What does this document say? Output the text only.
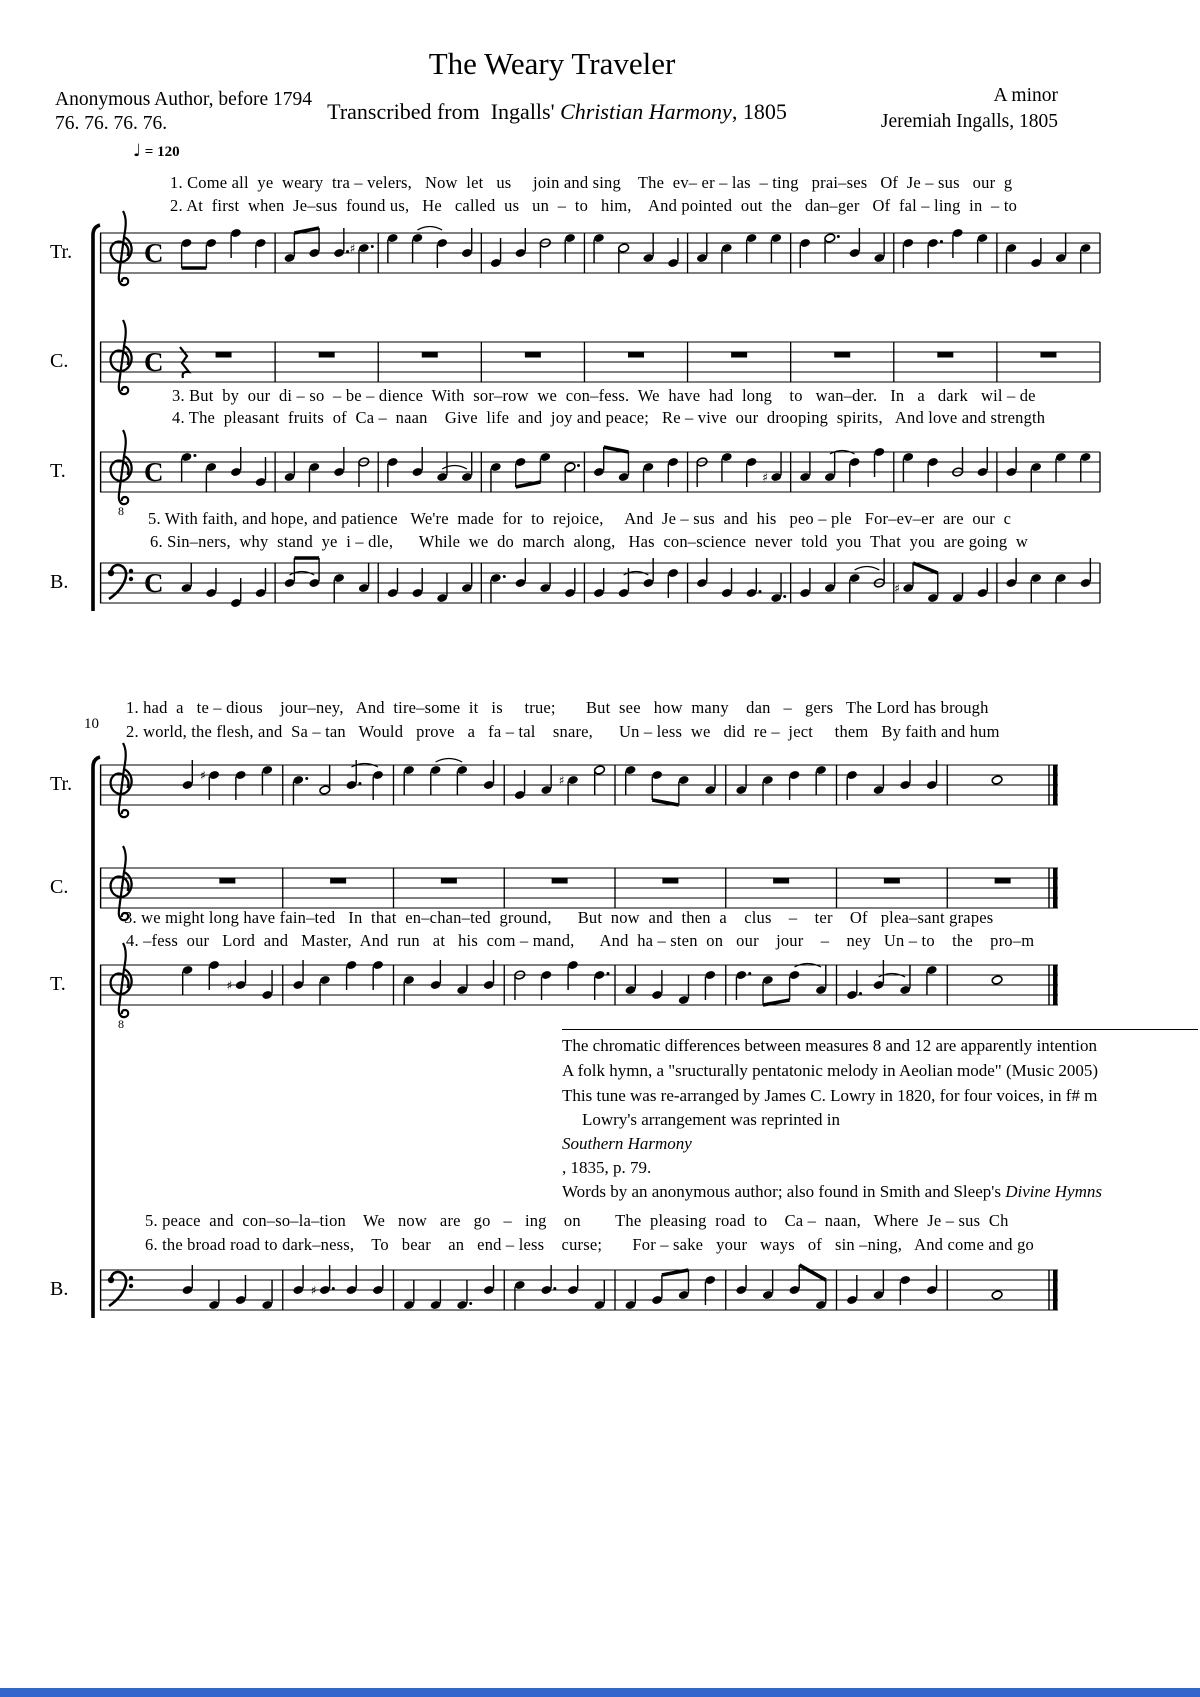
The Weary Traveler
Anonymous Author, before 1794
76. 76. 76. 76.	Transcribed from  Ingalls' Christian Harmony, 1805
A minor
Jeremiah Ingalls, 1805
♩ = 120
1. Come all  ye  weary  tra – velers,   Now  let   us     join and sing    The  ev– er – las  – ting   prai–ses   Of  Je – sus   our  g
2. At  first  when  Je–sus  found us,   He   called  us   un  –  to   him,    And pointed  out  the   dan–ger   Of  fal – ling  in  – to
3. But  by  our  di – so  – be – dience  With  sor–row  we  con–fess.  We  have  had  long    to   wan–der.   In   a   dark   wil – de
4. The  pleasant  fruits  of  Ca –  naan    Give  life  and  joy and peace;   Re – vive  our  drooping  spirits,   And love and strength
5. With faith, and hope, and patience   We're  made  for  to  rejoice,     And  Je – sus  and  his   peo – ple   For–ev–er  are  our  c
6. Sin–ners,  why  stand  ye  i – dle,      While  we  do  march  along,   Has  con–science  never  told  you  That  you  are going  w
10
1. had  a   te – dious    jour–ney,   And  tire–some  it   is     true;       But  see   how  many    dan   –   gers   The Lord has brough
2. world, the flesh, and  Sa – tan   Would   prove   a   fa – tal    snare,      Un – less  we   did  re –  ject     them   By faith and hum
3. we might long have fain–ted   In  that  en–chan–ted  ground,      But  now  and  then  a    clus    –    ter    Of   plea–sant grapes
4. –fess  our   Lord  and   Master,  And  run   at   his  com – mand,      And  ha – sten  on   our    jour    –    ney   Un – to    the    pro–m
5. peace  and  con–so–la–tion    We   now   are   go   –   ing    on        The  pleasing  road  to    Ca –  naan,   Where  Je – sus  Ch
6. the broad road to dark–ness,    To   bear    an   end – less    curse;       For – sake   your   ways   of   sin –ning,   And come and go
The chromatic differences between measures 8 and 12 are apparently intention
A folk hymn, a "sructurally pentatonic melody in Aeolian mode" (Music 2005)
This tune was re-arranged by James C. Lowry in 1820, for four voices, in f# m
Lowry's arrangement was reprinted in
Southern Harmony
, 1835, p. 79.
Words by an anonymous author; also found in Smith and Sleep's Divine Hymns
Tr.	C	♯
C.	C
T.
8
C	♯
B.	C	♯
Tr.	♯	♯
C.
T.
8
♯
B.	♯
